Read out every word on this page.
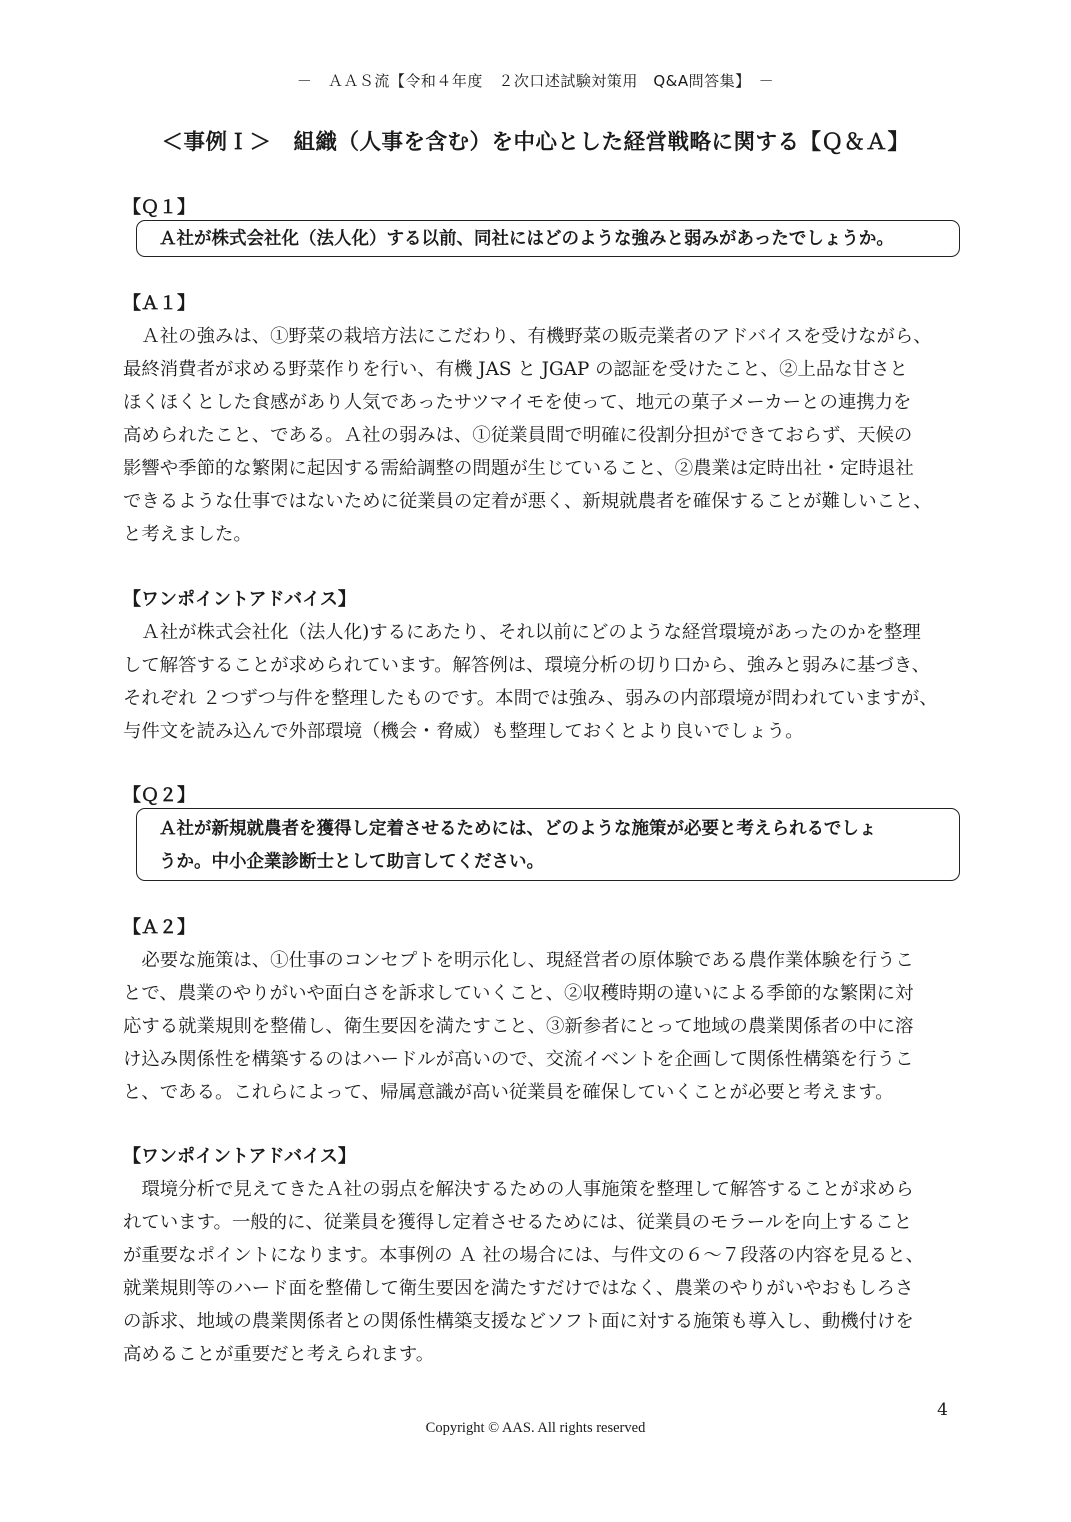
－　ＡＡＳ流【令和４年度　２次口述試験対策用　Q&A問答集】　－
＜事例Ｉ＞　組織（人事を含む）を中心とした経営戦略に関する【Ｑ＆Ａ】
【Ｑ１】
Ａ社が株式会社化（法人化）する以前、同社にはどのような強みと弱みがあったでしょうか。
【Ａ１】
　Ａ社の強みは、①野菜の栽培方法にこだわり、有機野菜の販売業者のアドバイスを受けながら、
最終消費者が求める野菜作りを行い、有機 JAS と JGAP の認証を受けたこと、②上品な甘さと
ほくほくとした食感があり人気であったサツマイモを使って、地元の菓子メーカーとの連携力を
高められたこと、である。Ａ社の弱みは、①従業員間で明確に役割分担ができておらず、天候の
影響や季節的な繁閑に起因する需給調整の問題が生じていること、②農業は定時出社・定時退社
できるような仕事ではないために従業員の定着が悪く、新規就農者を確保することが難しいこと、
と考えました。
【ワンポイントアドバイス】
　Ａ社が株式会社化（法人化)するにあたり、それ以前にどのような経営環境があったのかを整理
して解答することが求められています。解答例は、環境分析の切り口から、強みと弱みに基づき、
それぞれ ２つずつ与件を整理したものです。本問では強み、弱みの内部環境が問われていますが、
与件文を読み込んで外部環境（機会・脅威）も整理しておくとより良いでしょう。
【Ｑ２】
Ａ社が新規就農者を獲得し定着させるためには、どのような施策が必要と考えられるでしょ
うか。中小企業診断士として助言してください。
【Ａ２】
　必要な施策は、①仕事のコンセプトを明示化し、現経営者の原体験である農作業体験を行うこ
とで、農業のやりがいや面白さを訴求していくこと、②収穫時期の違いによる季節的な繁閑に対
応する就業規則を整備し、衛生要因を満たすこと、③新参者にとって地域の農業関係者の中に溶
け込み関係性を構築するのはハードルが高いので、交流イベントを企画して関係性構築を行うこ
と、である。これらによって、帰属意識が高い従業員を確保していくことが必要と考えます。
【ワンポイントアドバイス】
　環境分析で見えてきたＡ社の弱点を解決するための人事施策を整理して解答することが求めら
れています。一般的に、従業員を獲得し定着させるためには、従業員のモラールを向上すること
が重要なポイントになります。本事例の Ａ 社の場合には、与件文の６～７段落の内容を見ると、
就業規則等のハード面を整備して衛生要因を満たすだけではなく、農業のやりがいやおもしろさ
の訴求、地域の農業関係者との関係性構築支援などソフト面に対する施策も導入し、動機付けを
高めることが重要だと考えられます。
4
Copyright © AAS. All rights reserved
